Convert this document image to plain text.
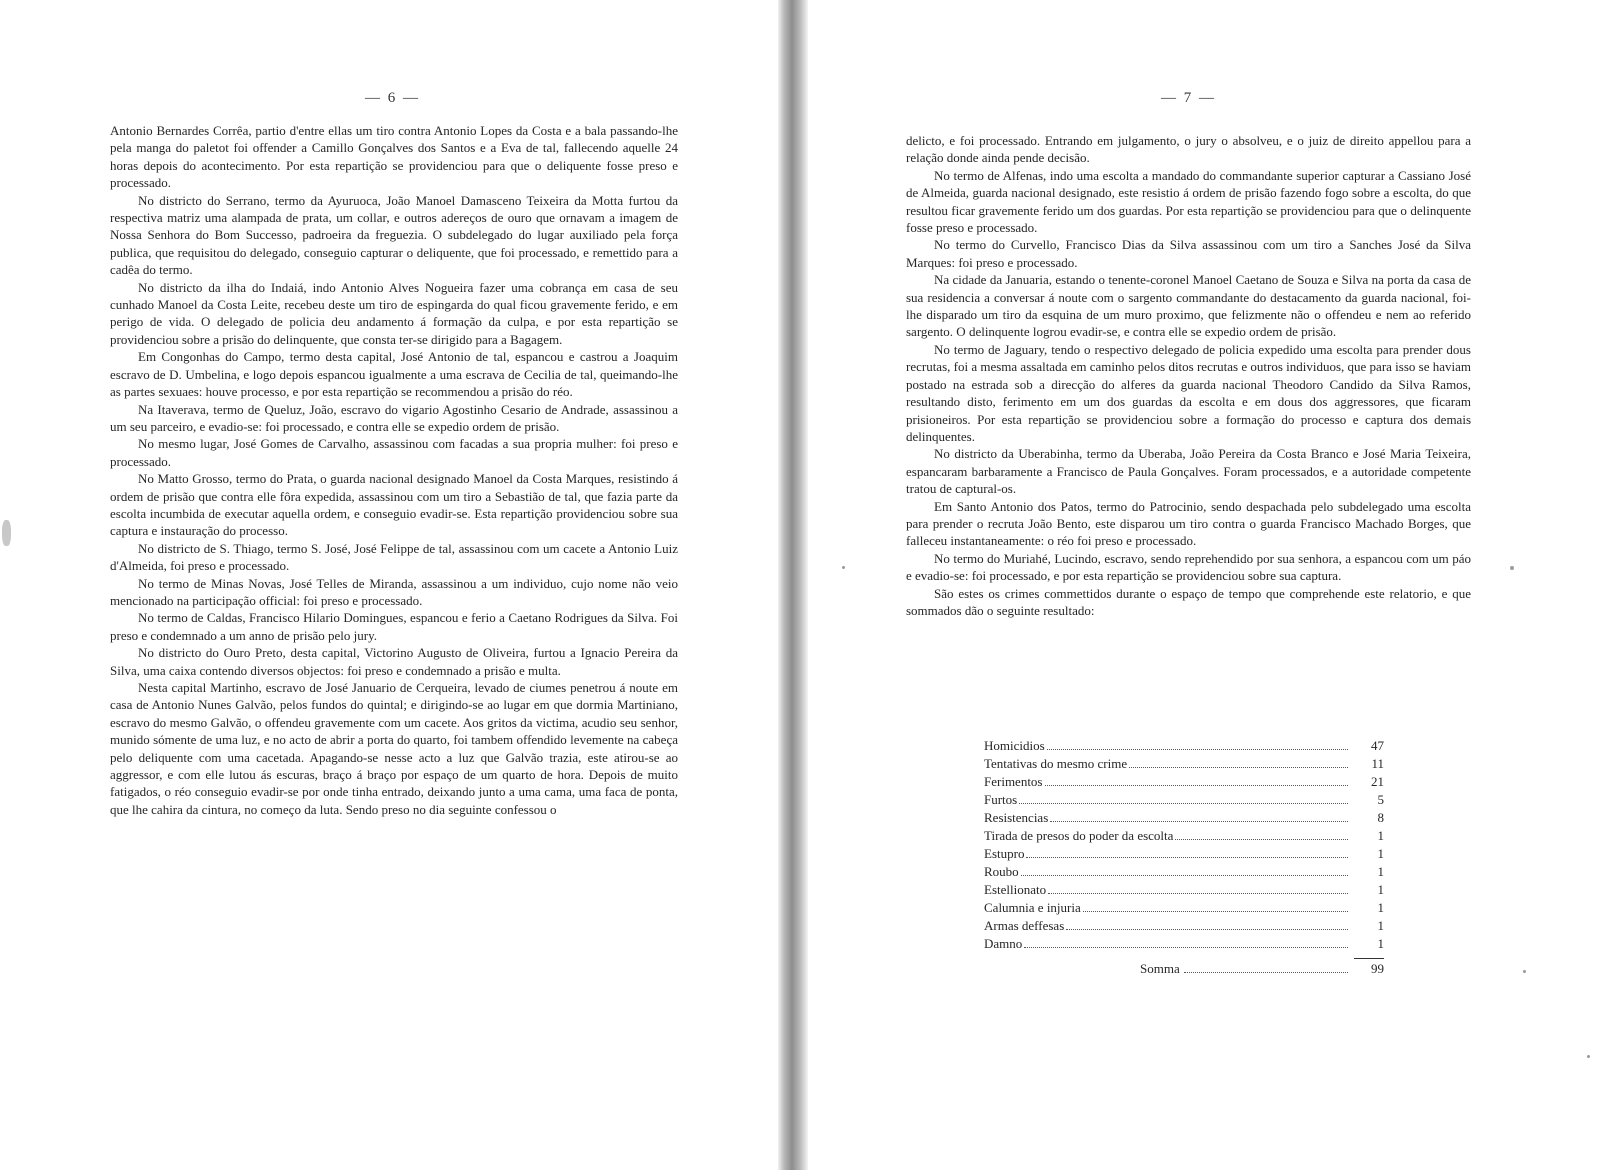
— 6 —

Antonio Bernardes Corrêa, partio d'entre ellas um tiro contra Antonio Lopes da Costa e a bala passando-lhe pela manga do paletot foi offender a Camillo Gonçalves dos Santos e a Eva de tal, fallecendo aquelle 24 horas depois do acontecimento. Por esta repartição se providenciou para que o deliquente fosse preso e processado.

No districto do Serrano, termo da Ayuruoca, João Manoel Damasceno Teixeira da Motta furtou da respectiva matriz uma alampada de prata, um collar, e outros adereços de ouro que ornavam a imagem de Nossa Senhora do Bom Successo, padroeira da freguezia. O subdelegado do lugar auxiliado pela força publica, que requisitou do delegado, conseguio capturar o deliquente, que foi processado, e remettido para a cadêa do termo.

No districto da ilha do Indaiá, indo Antonio Alves Nogueira fazer uma cobrança em casa de seu cunhado Manoel da Costa Leite, recebeu deste um tiro de espingarda do qual ficou gravemente ferido, e em perigo de vida. O delegado de policia deu andamento á formação da culpa, e por esta repartição se providenciou sobre a prisão do delinquente, que consta ter-se dirigido para a Bagagem.

Em Congonhas do Campo, termo desta capital, José Antonio de tal, espancou e castrou a Joaquim escravo de D. Umbelina, e logo depois espancou igualmente a uma escrava de Cecilia de tal, queimando-lhe as partes sexuaes: houve processo, e por esta repartição se recommendou a prisão do réo.

Na Itaverava, termo de Queluz, João, escravo do vigario Agostinho Cesario de Andrade, assassinou a um seu parceiro, e evadio-se: foi processado, e contra elle se expedio ordem de prisão.

No mesmo lugar, José Gomes de Carvalho, assassinou com facadas a sua propria mulher: foi preso e processado.

No Matto Grosso, termo do Prata, o guarda nacional designado Manoel da Costa Marques, resistindo á ordem de prisão que contra elle fôra expedida, assassinou com um tiro a Sebastião de tal, que fazia parte da escolta incumbida de executar aquella ordem, e conseguio evadir-se. Esta repartição providenciou sobre sua captura e instauração do processo.

No districto de S. Thiago, termo S. José, José Felippe de tal, assassinou com um cacete a Antonio Luiz d'Almeida, foi preso e processado.

No termo de Minas Novas, José Telles de Miranda, assassinou a um individuo, cujo nome não veio mencionado na participação official: foi preso e processado.

No termo de Caldas, Francisco Hilario Domingues, espancou e ferio a Caetano Rodrigues da Silva. Foi preso e condemnado a um anno de prisão pelo jury.

No districto do Ouro Preto, desta capital, Victorino Augusto de Oliveira, furtou a Ignacio Pereira da Silva, uma caixa contendo diversos objectos: foi preso e condemnado a prisão e multa.

Nesta capital Martinho, escravo de José Januario de Cerqueira, levado de ciumes penetrou á noute em casa de Antonio Nunes Galvão, pelos fundos do quintal; e dirigindo-se ao lugar em que dormia Martiniano, escravo do mesmo Galvão, o offendeu gravemente com um cacete. Aos gritos da victima, acudio seu senhor, munido sómente de uma luz, e no acto de abrir a porta do quarto, foi tambem offendido levemente na cabeça pelo deliquente com uma cacetada. Apagando-se nesse acto a luz que Galvão trazia, este atirou-se ao aggressor, e com elle lutou ás escuras, braço á braço por espaço de um quarto de hora. Depois de muito fatigados, o réo conseguio evadir-se por onde tinha entrado, deixando junto a uma cama, uma faca de ponta, que lhe cahira da cintura, no começo da luta. Sendo preso no dia seguinte confessou o

— 7 —

delicto, e foi processado. Entrando em julgamento, o jury o absolveu, e o juiz de direito appellou para a relação donde ainda pende decisão.

No termo de Alfenas, indo uma escolta a mandado do commandante superior capturar a Cassiano José de Almeida, guarda nacional designado, este resistio á ordem de prisão fazendo fogo sobre a escolta, do que resultou ficar gravemente ferido um dos guardas. Por esta repartição se providenciou para que o delinquente fosse preso e processado.

No termo do Curvello, Francisco Dias da Silva assassinou com um tiro a Sanches José da Silva Marques: foi preso e processado.

Na cidade da Januaria, estando o tenente-coronel Manoel Caetano de Souza e Silva na porta da casa de sua residencia a conversar á noute com o sargento commandante do destacamento da guarda nacional, foi-lhe disparado um tiro da esquina de um muro proximo, que felizmente não o offendeu e nem ao referido sargento. O delinquente logrou evadir-se, e contra elle se expedio ordem de prisão.

No termo de Jaguary, tendo o respectivo delegado de policia expedido uma escolta para prender dous recrutas, foi a mesma assaltada em caminho pelos ditos recrutas e outros individuos, que para isso se haviam postado na estrada sob a direcção do alferes da guarda nacional Theodoro Candido da Silva Ramos, resultando disto, ferimento em um dos guardas da escolta e em dous dos aggressores, que ficaram prisioneiros. Por esta repartição se providenciou sobre a formação do processo e captura dos demais delinquentes.

No districto da Uberabinha, termo da Uberaba, João Pereira da Costa Branco e José Maria Teixeira, espancaram barbaramente a Francisco de Paula Gonçalves. Foram processados, e a autoridade competente tratou de captural-os.

Em Santo Antonio dos Patos, termo do Patrocinio, sendo despachada pelo subdelegado uma escolta para prender o recruta João Bento, este disparou um tiro contra o guarda Francisco Machado Borges, que falleceu instantaneamente: o réo foi preso e processado.

No termo do Muriahé, Lucindo, escravo, sendo reprehendido por sua senhora, a espancou com um páo e evadio-se: foi processado, e por esta repartição se providenciou sobre sua captura.

São estes os crimes commettidos durante o espaço de tempo que comprehende este relatorio, e que sommados dão o seguinte resultado:

Homicidios	47
Tentativas do mesmo crime	11
Ferimentos	21
Furtos	5
Resistencias	8
Tirada de presos do poder da escolta	1
Estupro	1
Roubo	1
Estellionato	1
Calumnia e injuria	1
Armas deffesas	1
Damno	1
Somma	99
